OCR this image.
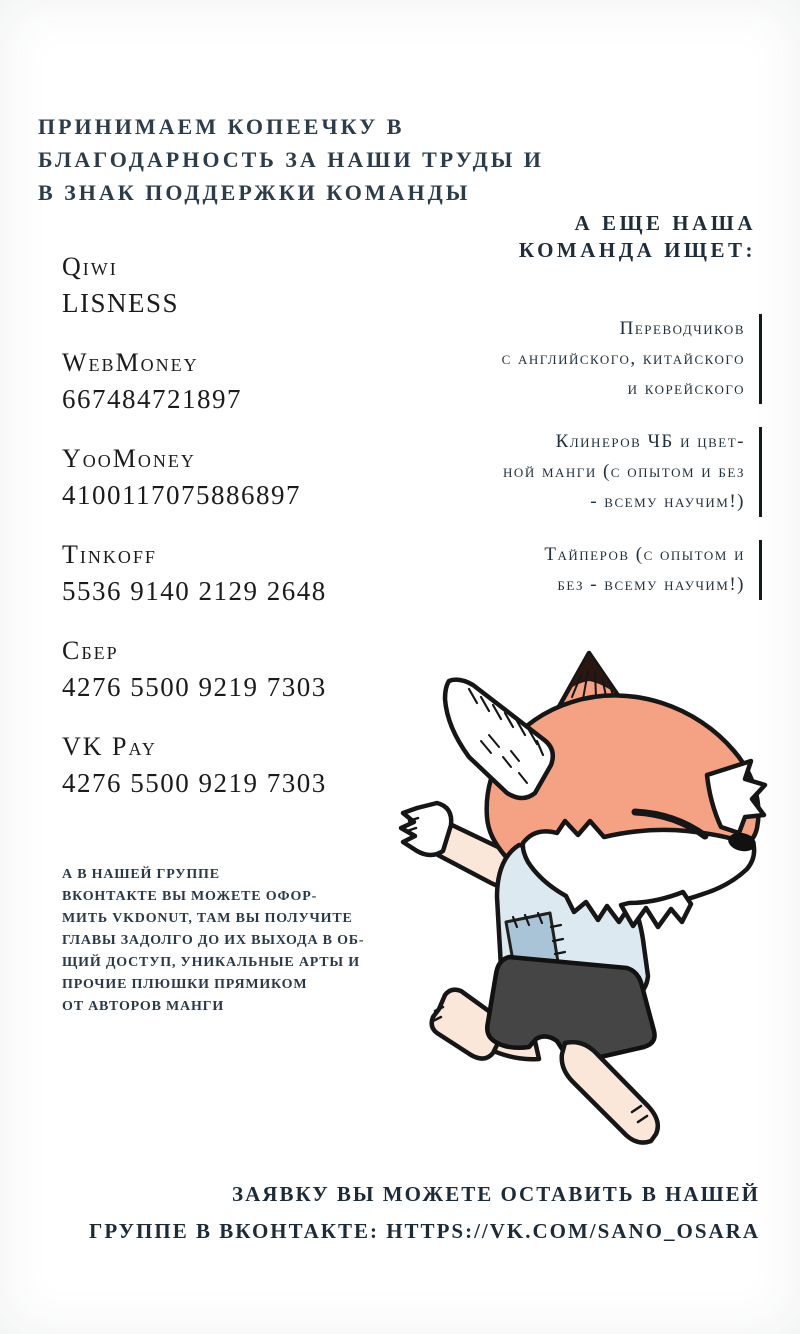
ПРИНИМАЕМ КОПЕЕЧКУ В
БЛАГОДАРНОСТЬ ЗА НАШИ ТРУДЫ И
В ЗНАК ПОДДЕРЖКИ КОМАНДЫ
А ЕЩЕ НАША
КОМАНДА ИЩЕТ:
Qiwi
LISNESS
WebMoney
667484721897
YooMoney
4100117075886897
Tinkoff
5536 9140 2129 2648
Сбер
4276 5500 9219 7303
VK Pay
4276 5500 9219 7303
Переводчиков
с английского, китайского
и корейского
Клинеров ЧБ и цвет-
ной манги (с опытом и без
- всему научим!)
Тайперов (с опытом и
без - всему научим!)
А В НАШЕЙ ГРУППЕ
ВКОНТАКТЕ ВЫ МОЖЕТЕ ОФОР-
МИТЬ VKDONUT, ТАМ ВЫ ПОЛУЧИТЕ
ГЛАВЫ ЗАДОЛГО ДО ИХ ВЫХОДА В ОБ-
ЩИЙ ДОСТУП, УНИКАЛЬНЫЕ АРТЫ И
ПРОЧИЕ ПЛЮШКИ ПРЯМИКОМ
ОТ АВТОРОВ МАНГИ
ЗАЯВКУ ВЫ МОЖЕТЕ ОСТАВИТЬ В НАШЕЙ
ГРУППЕ В ВКОНТАКТЕ: HTTPS://VK.COM/SANO_OSARA
